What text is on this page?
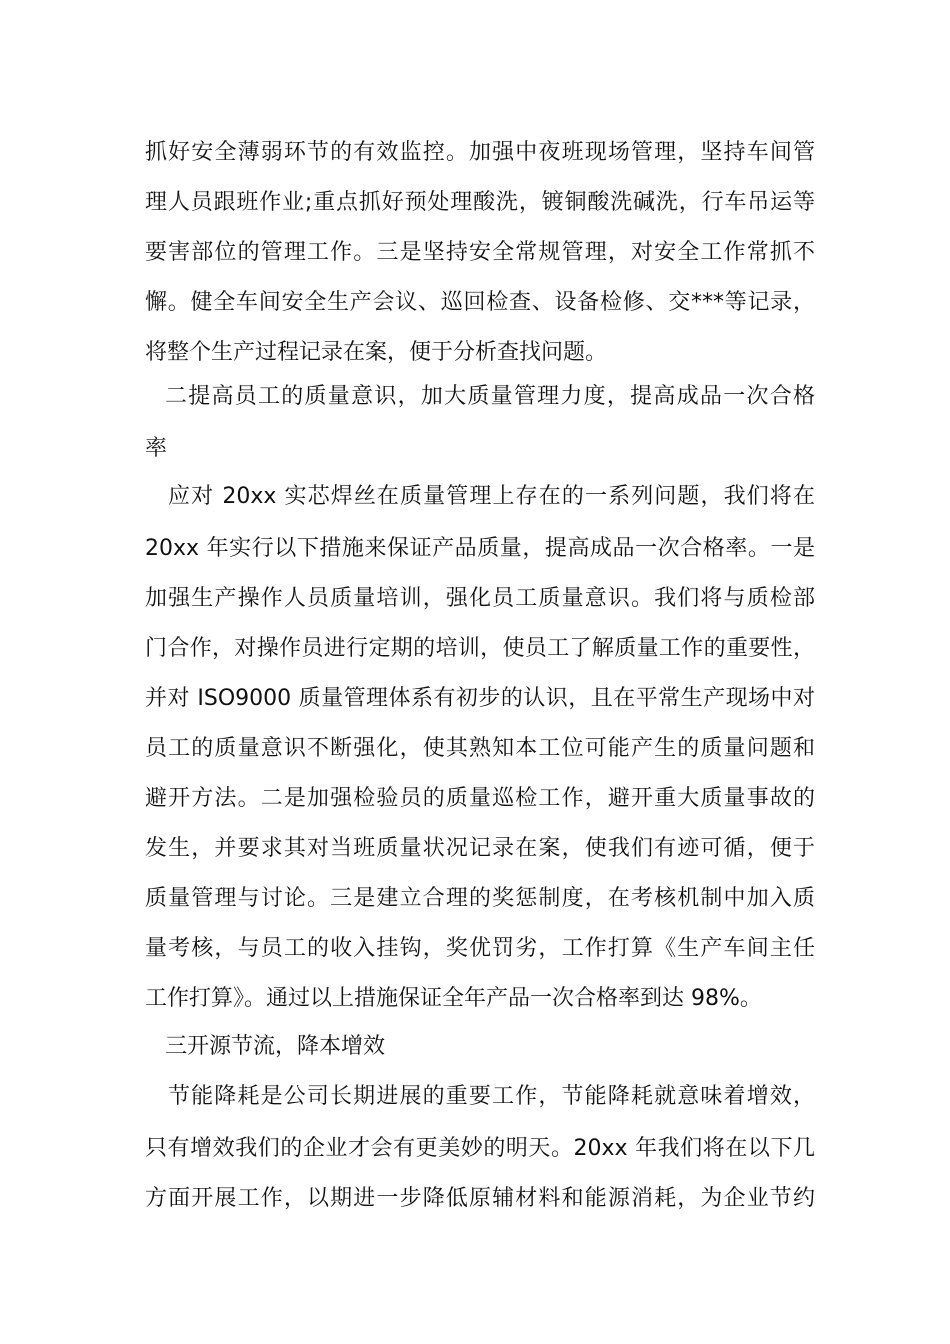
抓好安全薄弱环节的有效监控。加强中夜班现场管理，坚持车间管
理人员跟班作业;重点抓好预处理酸洗，镀铜酸洗碱洗，行车吊运等
要害部位的管理工作。三是坚持安全常规管理，对安全工作常抓不
懈。健全车间安全生产会议、巡回检查、设备检修、交***等记录，
将整个生产过程记录在案，便于分析查找问题。
二提高员工的质量意识，加大质量管理力度，提高成品一次合格
率
应对 20xx 实芯焊丝在质量管理上存在的一系列问题，我们将在
20xx 年实行以下措施来保证产品质量，提高成品一次合格率。一是
加强生产操作人员质量培训，强化员工质量意识。我们将与质检部
门合作，对操作员进行定期的培训，使员工了解质量工作的重要性，
并对 ISO9000 质量管理体系有初步的认识，且在平常生产现场中对
员工的质量意识不断强化，使其熟知本工位可能产生的质量问题和
避开方法。二是加强检验员的质量巡检工作，避开重大质量事故的
发生，并要求其对当班质量状况记录在案，使我们有迹可循，便于
质量管理与讨论。三是建立合理的奖惩制度，在考核机制中加入质
量考核，与员工的收入挂钩，奖优罚劣，工作打算《生产车间主任
工作打算》。通过以上措施保证全年产品一次合格率到达 98%。
三开源节流，降本增效
节能降耗是公司长期进展的重要工作，节能降耗就意味着增效，
只有增效我们的企业才会有更美妙的明天。20xx 年我们将在以下几
方面开展工作，以期进一步降低原辅材料和能源消耗，为企业节约
